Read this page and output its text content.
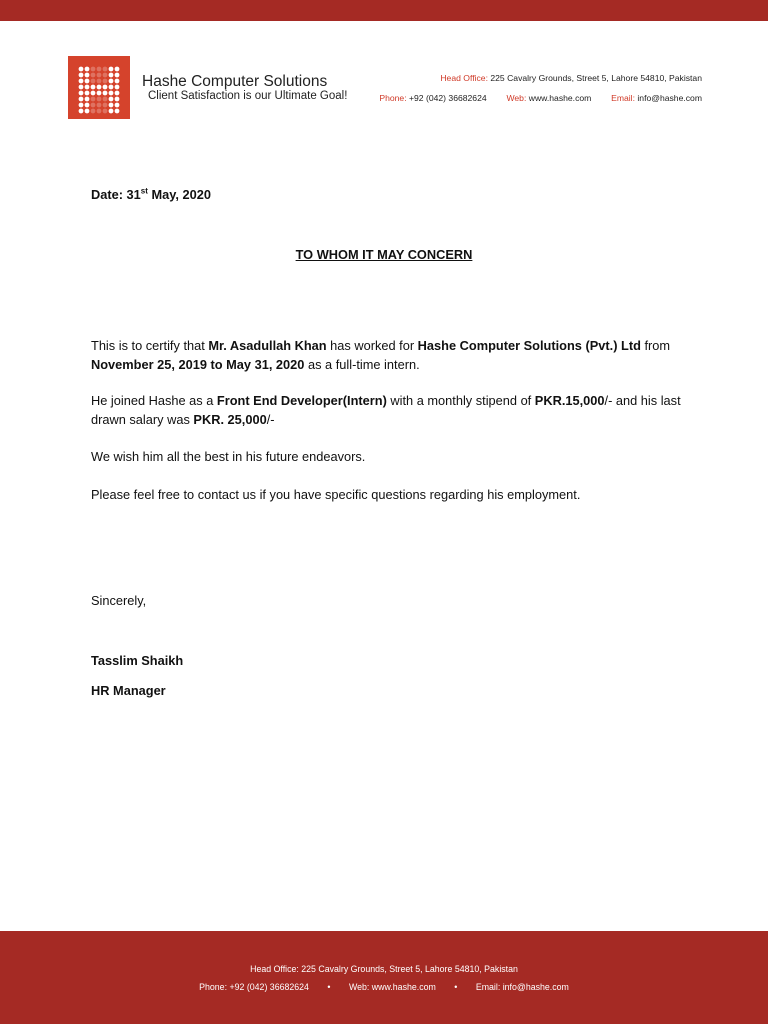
Hashe Computer Solutions
Client Satisfaction is our Ultimate Goal!
Head Office: 225 Cavalry Grounds, Street 5, Lahore 54810, Pakistan
Phone: +92 (042) 36682624 Web: www.hashe.com Email: info@hashe.com
Date: 31st May, 2020
TO WHOM IT MAY CONCERN
This is to certify that Mr. Asadullah Khan has worked for Hashe Computer Solutions (Pvt.) Ltd from November 25, 2019 to May 31, 2020 as a full-time intern.
He joined Hashe as a Front End Developer(Intern) with a monthly stipend of PKR.15,000/- and his last drawn salary was PKR. 25,000/-
We wish him all the best in his future endeavors.
Please feel free to contact us if you have specific questions regarding his employment.
Sincerely,
Tasslim Shaikh
HR Manager
Head Office: 225 Cavalry Grounds, Street 5, Lahore 54810, Pakistan
Phone: +92 (042) 36682624 • Web: www.hashe.com • Email: info@hashe.com
